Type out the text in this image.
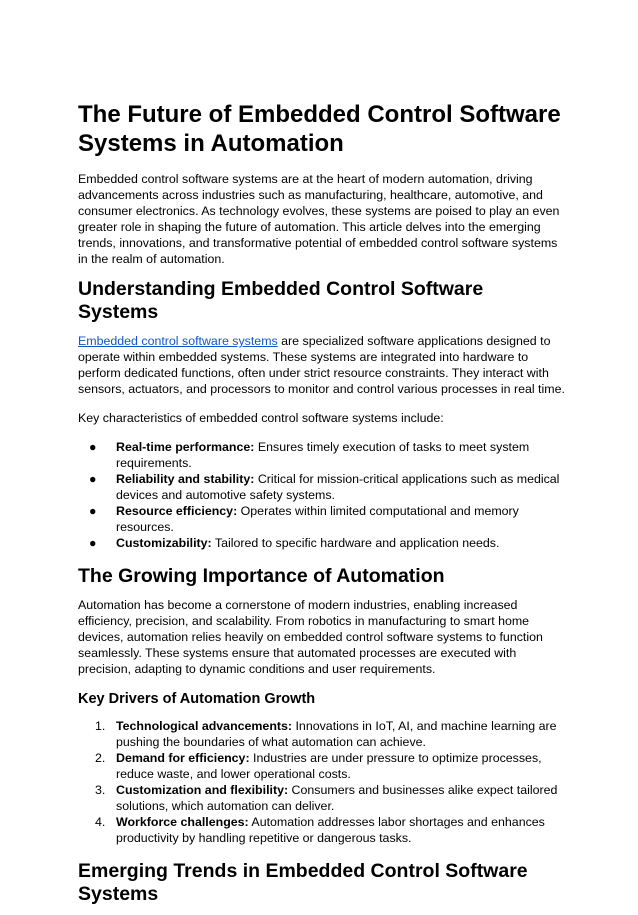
The Future of Embedded Control Software Systems in Automation

Embedded control software systems are at the heart of modern automation, driving advancements across industries such as manufacturing, healthcare, automotive, and consumer electronics. As technology evolves, these systems are poised to play an even greater role in shaping the future of automation. This article delves into the emerging trends, innovations, and transformative potential of embedded control software systems in the realm of automation.

Understanding Embedded Control Software Systems

Embedded control software systems are specialized software applications designed to operate within embedded systems. These systems are integrated into hardware to perform dedicated functions, often under strict resource constraints. They interact with sensors, actuators, and processors to monitor and control various processes in real time.

Key characteristics of embedded control software systems include:

● Real-time performance: Ensures timely execution of tasks to meet system requirements.
● Reliability and stability: Critical for mission-critical applications such as medical devices and automotive safety systems.
● Resource efficiency: Operates within limited computational and memory resources.
● Customizability: Tailored to specific hardware and application needs.
The Growing Importance of Automation

Automation has become a cornerstone of modern industries, enabling increased efficiency, precision, and scalability. From robotics in manufacturing to smart home devices, automation relies heavily on embedded control software systems to function seamlessly. These systems ensure that automated processes are executed with precision, adapting to dynamic conditions and user requirements.

Key Drivers of Automation Growth
1. Technological advancements: Innovations in IoT, AI, and machine learning are pushing the boundaries of what automation can achieve.
2. Demand for efficiency: Industries are under pressure to optimize processes, reduce waste, and lower operational costs.
3. Customization and flexibility: Consumers and businesses alike expect tailored solutions, which automation can deliver.
4. Workforce challenges: Automation addresses labor shortages and enhances productivity by handling repetitive or dangerous tasks.
Emerging Trends in Embedded Control Software Systems
